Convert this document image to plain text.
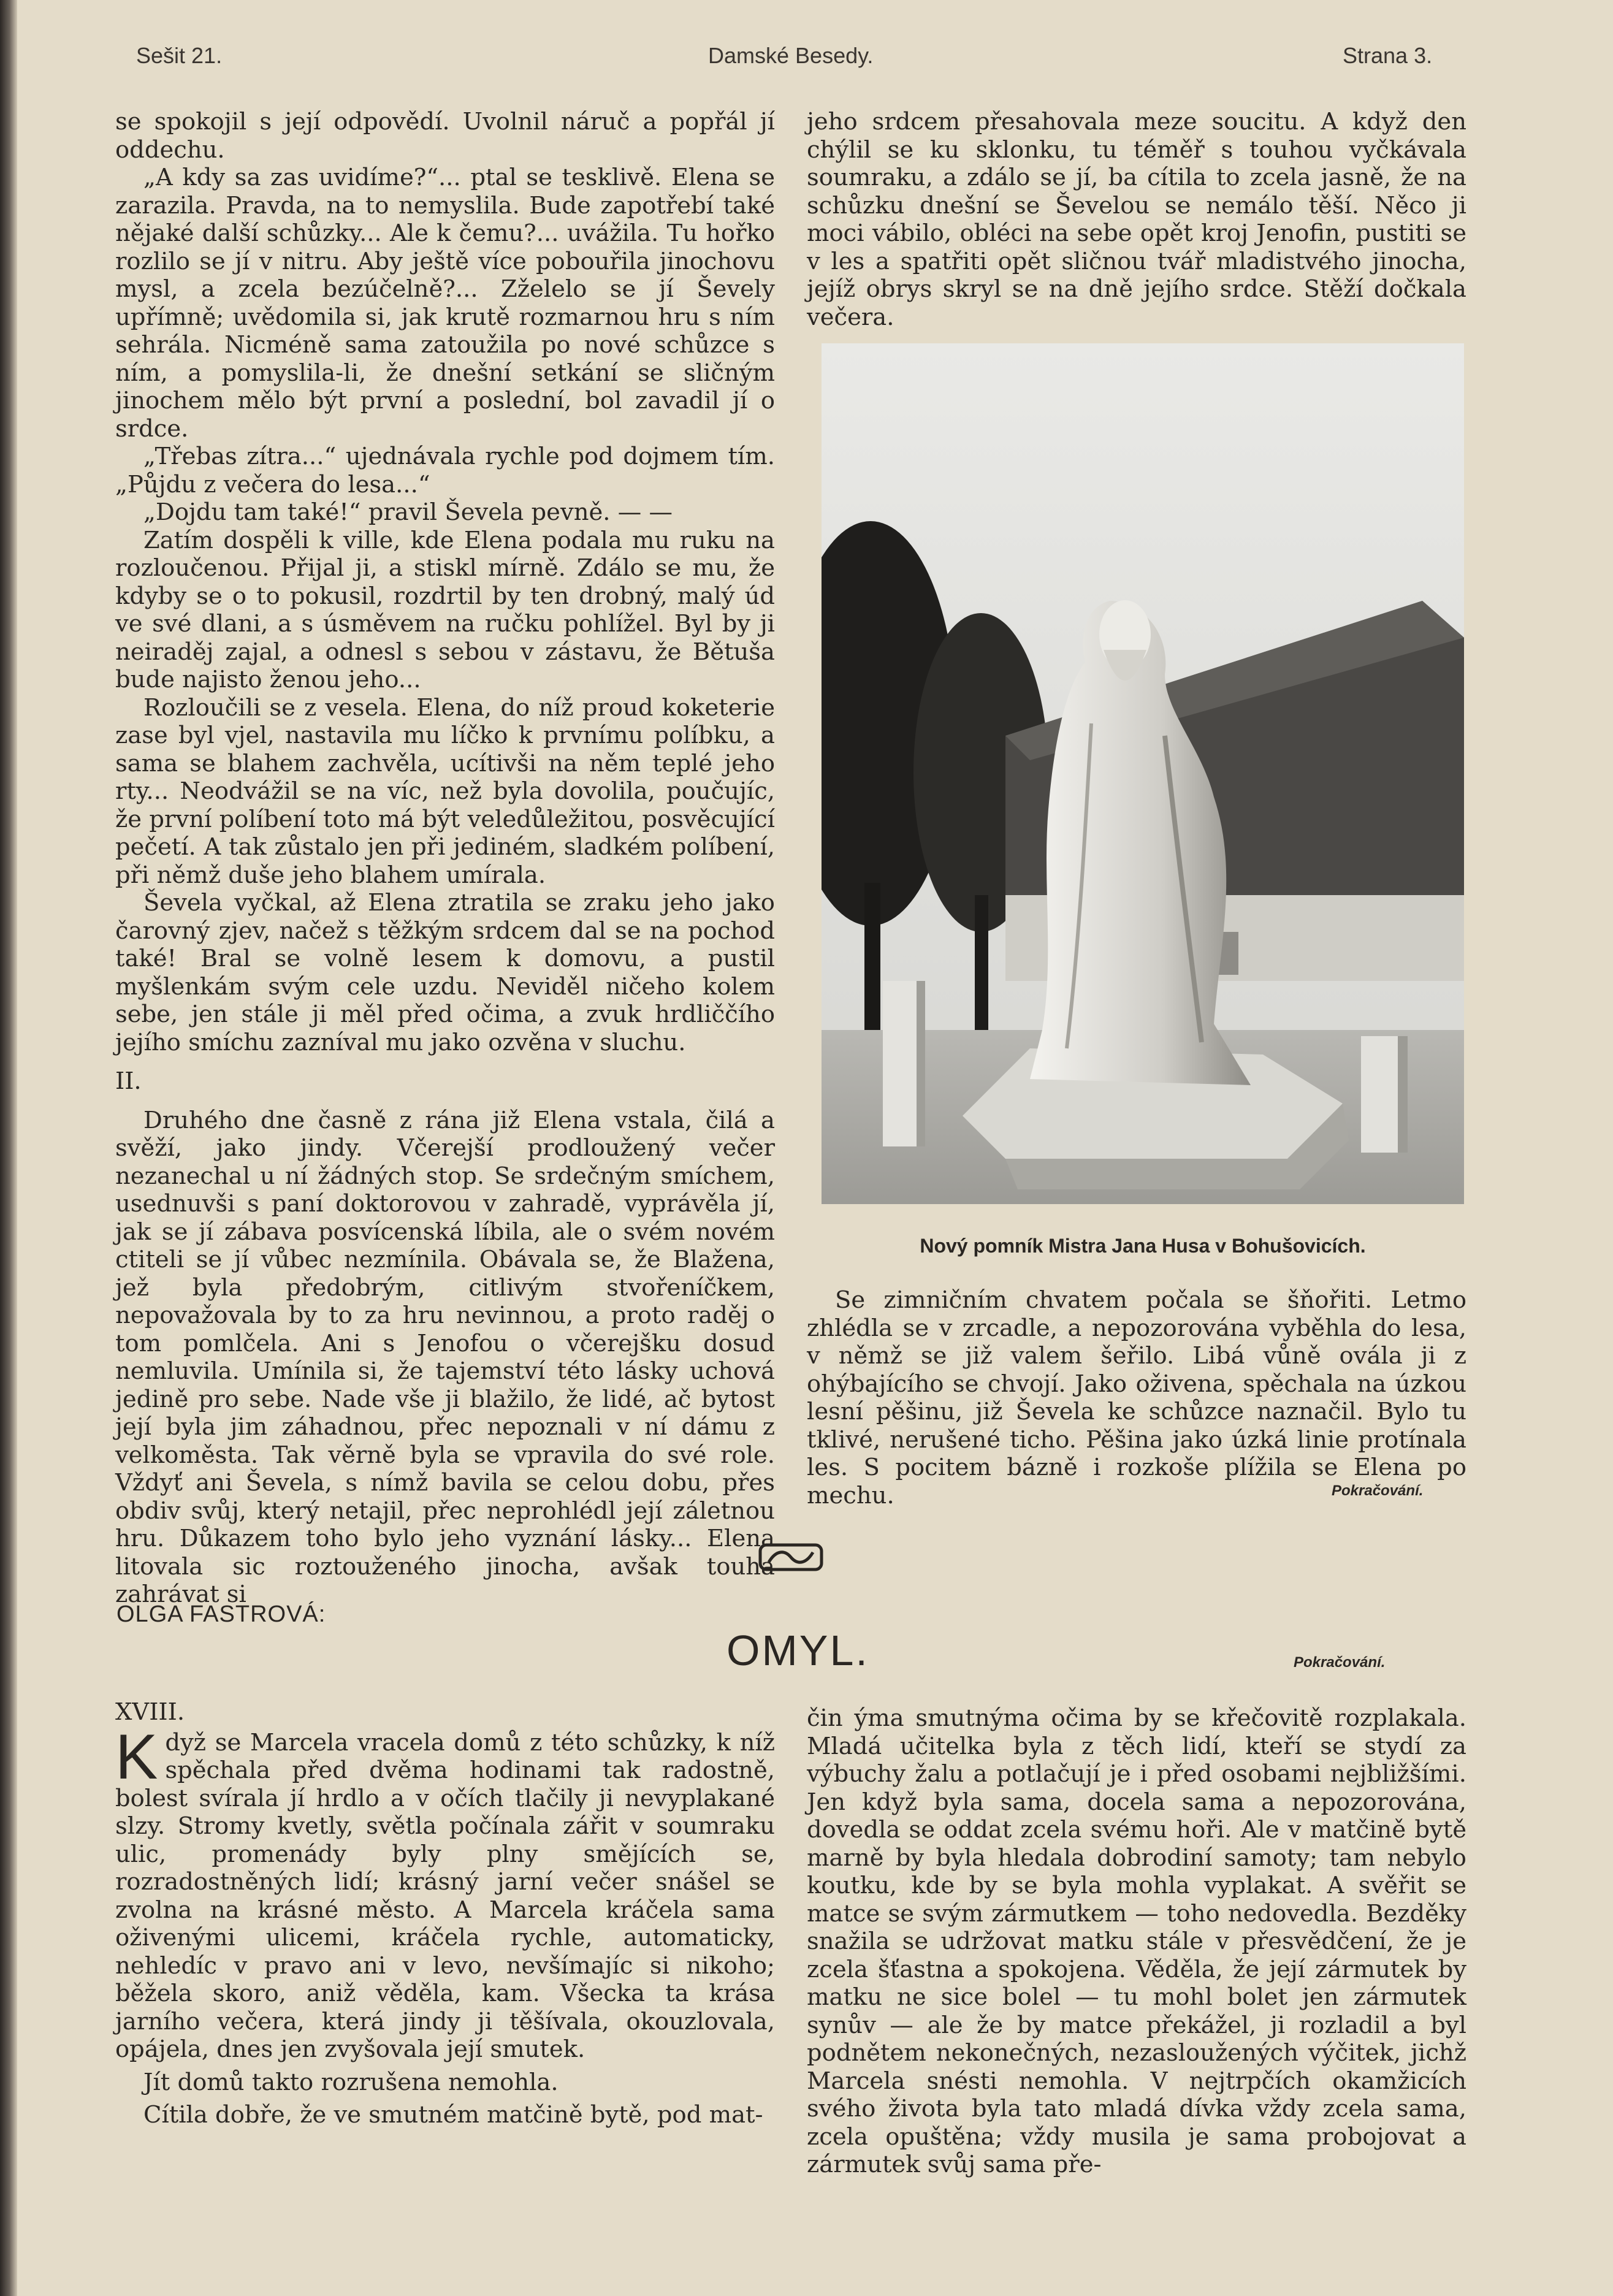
Sešit 21.	Damské Besedy.	Strana 3.

se spokojil s její odpovědí. Uvolnil náruč a popřál jí oddechu.

„A kdy sa zas uvidíme?“... ptal se tesklivě. Elena se zarazila. Pravda, na to nemyslila. Bude zapotřebí také nějaké další schůzky... Ale k čemu?... uvážila. Tu hořko rozlilo se jí v nitru. Aby ještě více pobouřila jinochovu mysl, a zcela bezúčelně?... Zželelo se jí Ševely upřímně; uvědomila si, jak krutě rozmarnou hru s ním sehrála. Nicméně sama zatoužila po nové schůzce s ním, a pomyslila-li, že dnešní setkání se sličným jinochem mělo být první a poslední, bol zavadil jí o srdce.

„Třebas zítra...“ ujednávala rychle pod dojmem tím. „Půjdu z večera do lesa...“

„Dojdu tam také!“ pravil Ševela pevně. — —

Zatím dospěli k ville, kde Elena podala mu ruku na rozloučenou. Přijal ji, a stiskl mírně. Zdálo se mu, že kdyby se o to pokusil, rozdrtil by ten drobný, malý úd ve své dlani, a s úsměvem na ručku pohlížel. Byl by ji neiraděj zajal, a odnesl s sebou v zástavu, že Bětuša bude najisto ženou jeho...

Rozloučili se z vesela. Elena, do níž proud koketerie zase byl vjel, nastavila mu líčko k prvnímu políbku, a sama se blahem zachvěla, ucítivši na něm teplé jeho rty... Neodvážil se na víc, než byla dovolila, poučujíc, že první políbení toto má být veledůležitou, posvěcující pečetí. A tak zůstalo jen při jediném, sladkém políbení, při němž duše jeho blahem umírala.

Ševela vyčkal, až Elena ztratila se zraku jeho jako čarovný zjev, načež s těžkým srdcem dal se na pochod také! Bral se volně lesem k domovu, a pustil myšlenkám svým cele uzdu. Neviděl ničeho kolem sebe, jen stále ji měl před očima, a zvuk hrdliččího jejího smíchu zazníval mu jako ozvěna v sluchu.

II.

Druhého dne časně z rána již Elena vstala, čilá a svěží, jako jindy. Včerejší prodloužený večer nezanechal u ní žádných stop. Se srdečným smíchem, usednuvši s paní doktorovou v zahradě, vyprávěla jí, jak se jí zábava posvícenská líbila, ale o svém novém ctiteli se jí vůbec nezmínila. Obávala se, že Blažena, jež byla předobrým, citlivým stvořeníčkem, nepovažovala by to za hru nevinnou, a proto raděj o tom pomlčela. Ani s Jenofou o včerejšku dosud nemluvila. Umínila si, že tajemství této lásky uchová jedině pro sebe. Nade vše ji blažilo, že lidé, ač bytost její byla jim záhadnou, přec nepoznali v ní dámu z velkoměsta. Tak věrně byla se vpravila do své role. Vždyť ani Ševela, s nímž bavila se celou dobu, přes obdiv svůj, který netajil, přec neprohlédl její záletnou hru. Důkazem toho bylo jeho vyznání lásky... Elena litovala sic roztouženého jinocha, avšak touha zahrávat si

jeho srdcem přesahovala meze soucitu. A když den chýlil se ku sklonku, tu téměř s touhou vyčkávala soumraku, a zdálo se jí, ba cítila to zcela jasně, že na schůzku dnešní se Ševelou se nemálo těší. Něco ji moci vábilo, obléci na sebe opět kroj Jenofin, pustiti se v les a spatřiti opět sličnou tvář mladistvého jinocha, jejíž obrys skryl se na dně jejího srdce. Stěží dočkala večera.

Nový pomník Mistra Jana Husa v Bohušovicích.

Se zimničním chvatem počala se šňořiti. Letmo zhlédla se v zrcadle, a nepozorována vyběhla do lesa, v němž se již valem šeřilo. Libá vůně ovála ji z ohýbajícího se chvojí. Jako oživena, spěchala na úzkou lesní pěšinu, již Ševela ke schůzce naznačil. Bylo tu tklivé, nerušené ticho. Pěšina jako úzká linie protínala les. S pocitem bázně i rozkoše plížila se Elena po mechu.	Pokračování.
OLGA FASTROVÁ:
OMYL.	Pokračování.

XVIII.

Když se Marcela vracela domů z této schůzky, k níž spěchala před dvěma hodinami tak radostně, bolest svírala jí hrdlo a v očích tlačily ji nevyplakané slzy. Stromy kvetly, světla počínala zářit v soumraku ulic, promenády byly plny smějících se, rozradostněných lidí; krásný jarní večer snášel se zvolna na krásné město. A Marcela kráčela sama oživenými ulicemi, kráčela rychle, automaticky, nehledíc v pravo ani v levo, nevšímajíc si nikoho; běžela skoro, aniž věděla, kam. Všecka ta krása jarního večera, která jindy ji těšívala, okouzlovala, opájela, dnes jen zvyšovala její smutek.

Jít domů takto rozrušena nemohla.

Cítila dobře, že ve smutném matčině bytě, pod mat-

čin ýma smutnýma očima by se křečovitě rozplakala. Mladá učitelka byla z těch lidí, kteří se stydí za výbuchy žalu a potlačují je i před osobami nejbližšími. Jen když byla sama, docela sama a nepozorována, dovedla se oddat zcela svému hoři. Ale v matčině bytě marně by byla hledala dobrodiní samoty; tam nebylo koutku, kde by se byla mohla vyplakat. A svěřit se matce se svým zármutkem — toho nedovedla. Bezděky snažila se udržovat matku stále v přesvědčení, že je zcela šťastna a spokojena. Věděla, že její zármutek by matku ne sice bolel — tu mohl bolet jen zármutek synův — ale že by matce překážel, ji rozladil a byl podnětem nekonečných, nezasloužených výčitek, jichž Marcela snésti nemohla. V nejtrpčích okamžicích svého života byla tato mladá dívka vždy zcela sama, zcela opuštěna; vždy musila je sama probojovat a zármutek svůj sama pře-
